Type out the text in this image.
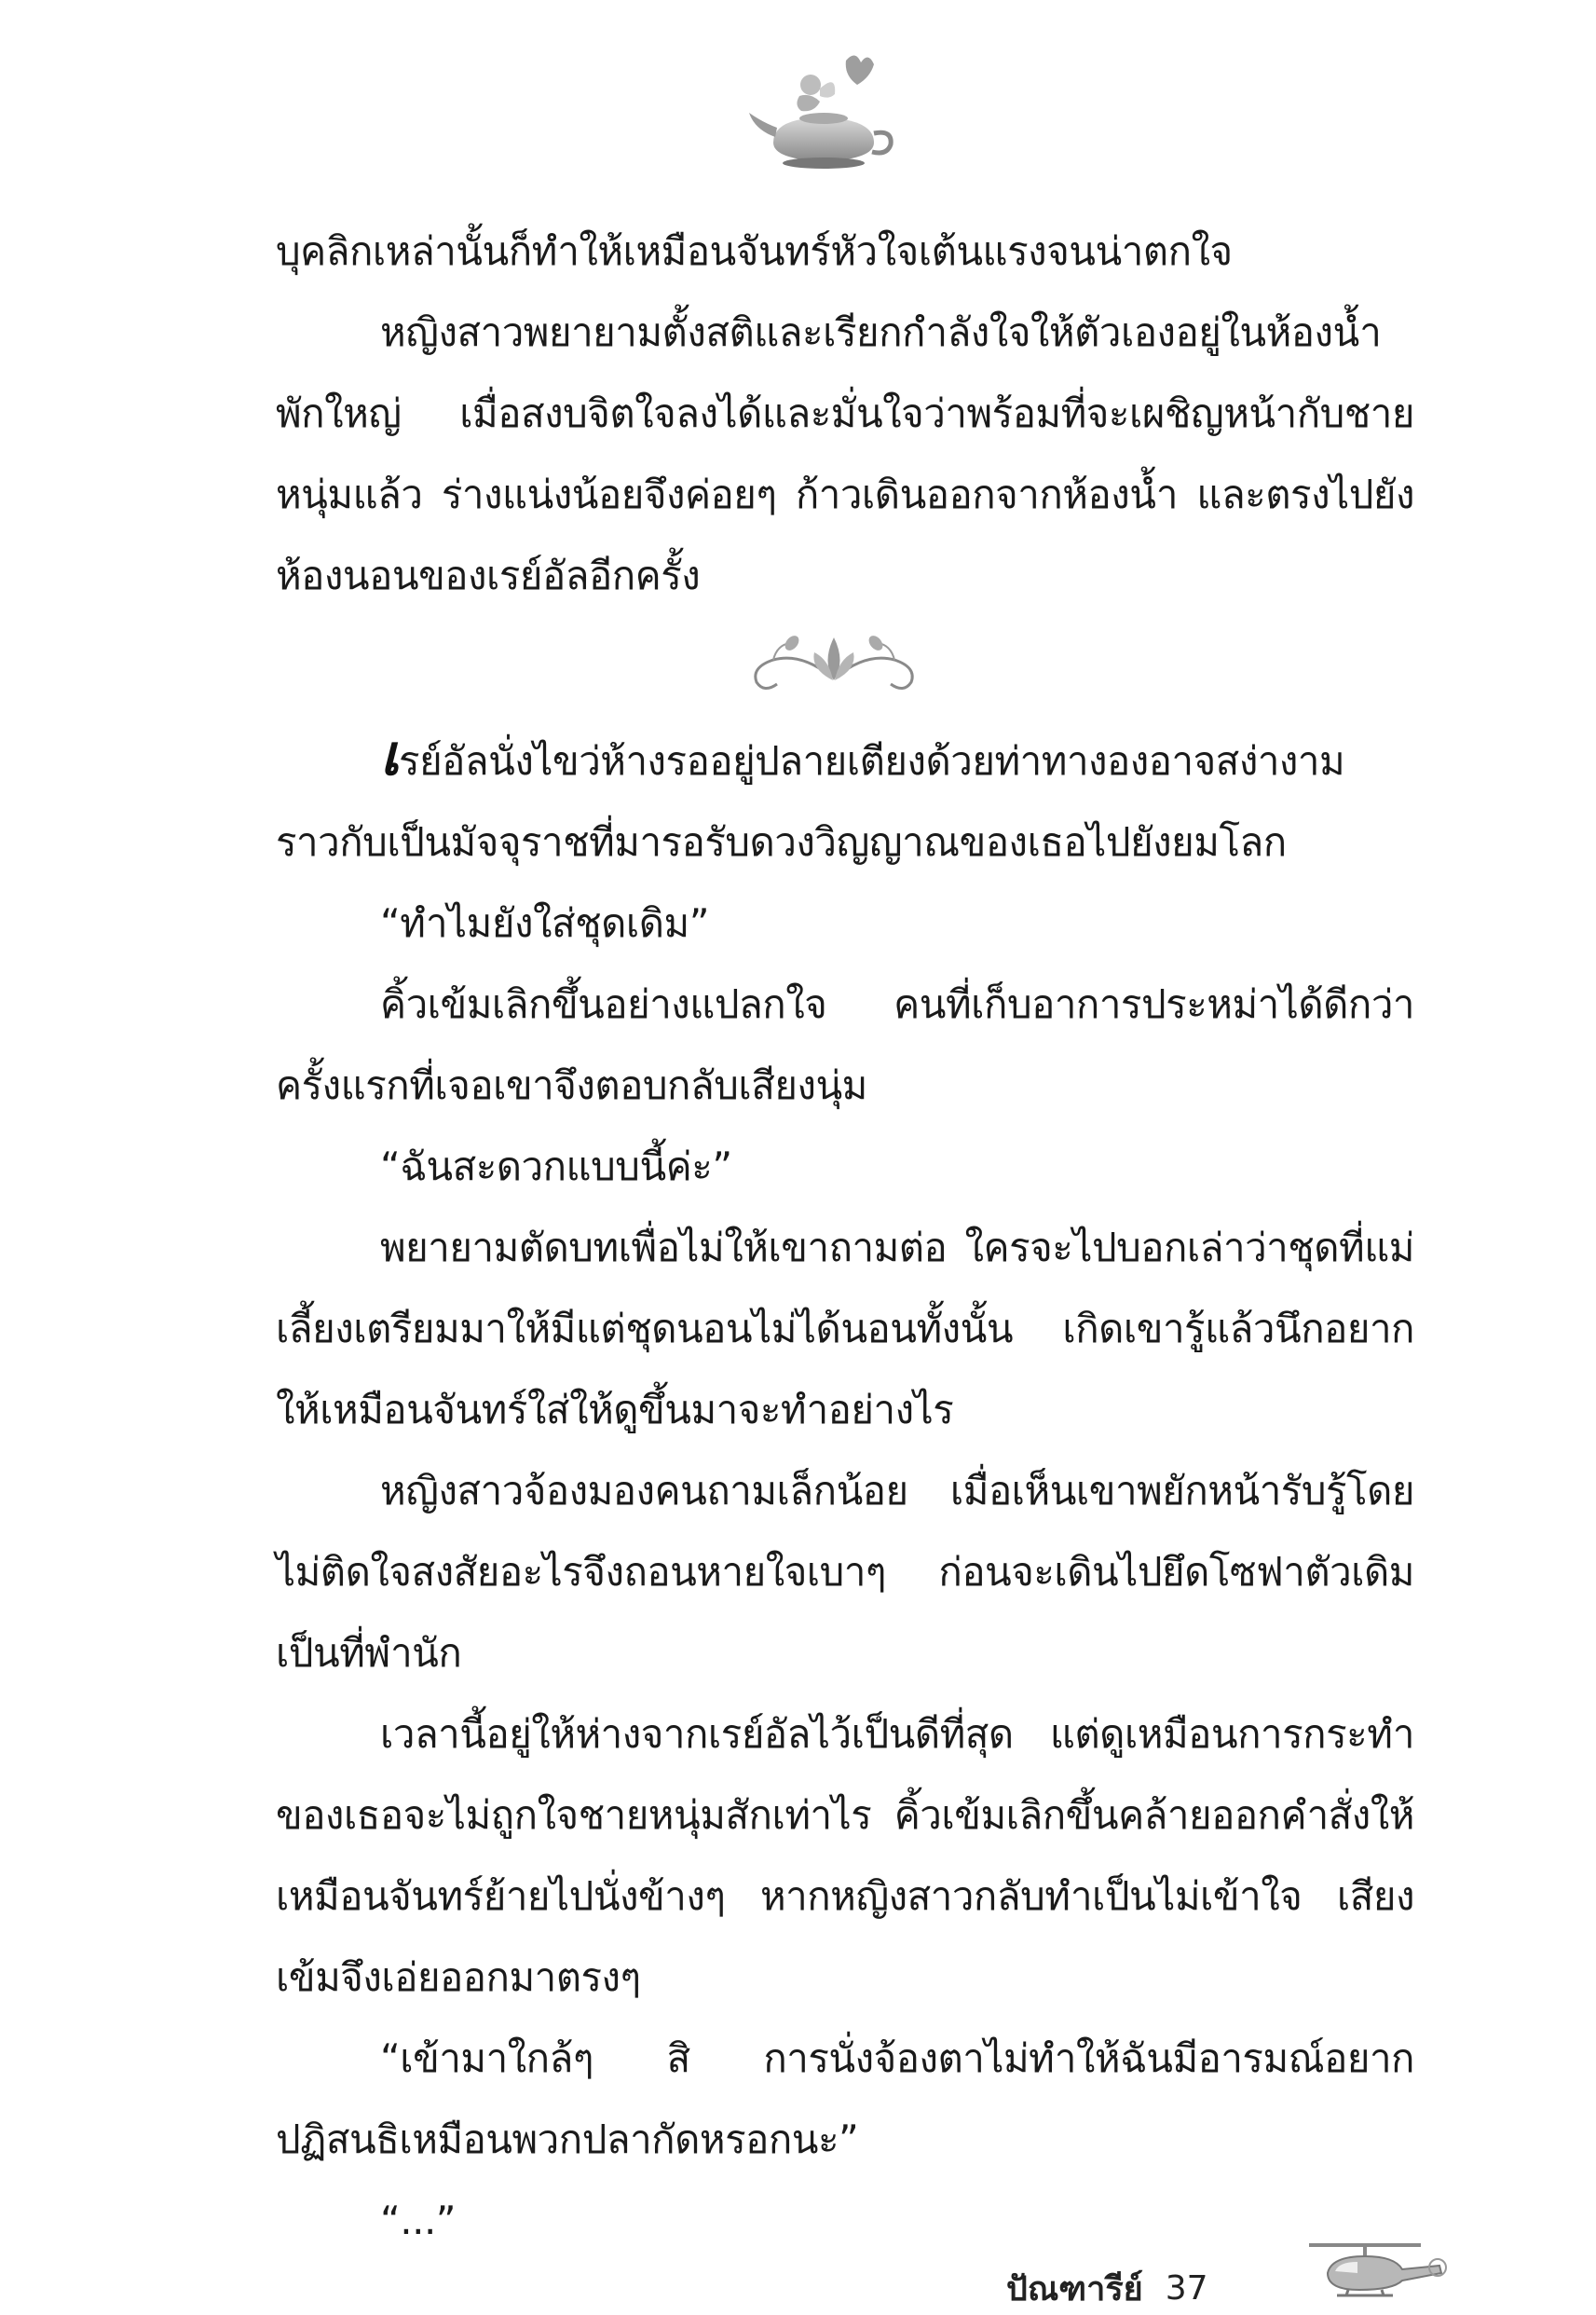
บุคลิกเหล่านั้นก็ทำให้เหมือนจันทร์หัวใจเต้นแรงจนน่าตกใจ

หญิงสาวพยายามตั้งสติและเรียกกำลังใจให้ตัวเองอยู่ในห้องน้ำพักใหญ่ เมื่อสงบจิตใจลงได้และมั่นใจว่าพร้อมที่จะเผชิญหน้ากับชายหนุ่มแล้ว ร่างแน่งน้อยจึงค่อยๆ ก้าวเดินออกจากห้องน้ำ และตรงไปยังห้องนอนของเรย์อัลอีกครั้ง

เรย์อัลนั่งไขว่ห้างรออยู่ปลายเตียงด้วยท่าทางองอาจสง่างามราวกับเป็นมัจจุราชที่มารอรับดวงวิญญาณของเธอไปยังยมโลก

“ทำไมยังใส่ชุดเดิม”

คิ้วเข้มเลิกขึ้นอย่างแปลกใจ คนที่เก็บอาการประหม่าได้ดีกว่าครั้งแรกที่เจอเขาจึงตอบกลับเสียงนุ่ม

“ฉันสะดวกแบบนี้ค่ะ”

พยายามตัดบทเพื่อไม่ให้เขาถามต่อ ใครจะไปบอกเล่าว่าชุดที่แม่เลี้ยงเตรียมมาให้มีแต่ชุดนอนไม่ได้นอนทั้งนั้น เกิดเขารู้แล้วนึกอยากให้เหมือนจันทร์ใส่ให้ดูขึ้นมาจะทำอย่างไร

หญิงสาวจ้องมองคนถามเล็กน้อย เมื่อเห็นเขาพยักหน้ารับรู้โดยไม่ติดใจสงสัยอะไรจึงถอนหายใจเบาๆ ก่อนจะเดินไปยึดโซฟาตัวเดิมเป็นที่พำนัก

เวลานี้อยู่ให้ห่างจากเรย์อัลไว้เป็นดีที่สุด แต่ดูเหมือนการกระทำของเธอจะไม่ถูกใจชายหนุ่มสักเท่าไร คิ้วเข้มเลิกขึ้นคล้ายออกคำสั่งให้เหมือนจันทร์ย้ายไปนั่งข้างๆ หากหญิงสาวกลับทำเป็นไม่เข้าใจ เสียงเข้มจึงเอ่ยออกมาตรงๆ

“เข้ามาใกล้ๆ สิ การนั่งจ้องตาไม่ทำให้ฉันมีอารมณ์อยากปฏิสนธิเหมือนพวกปลากัดหรอกนะ”

“...”

ปัณฑารีย์ 37
